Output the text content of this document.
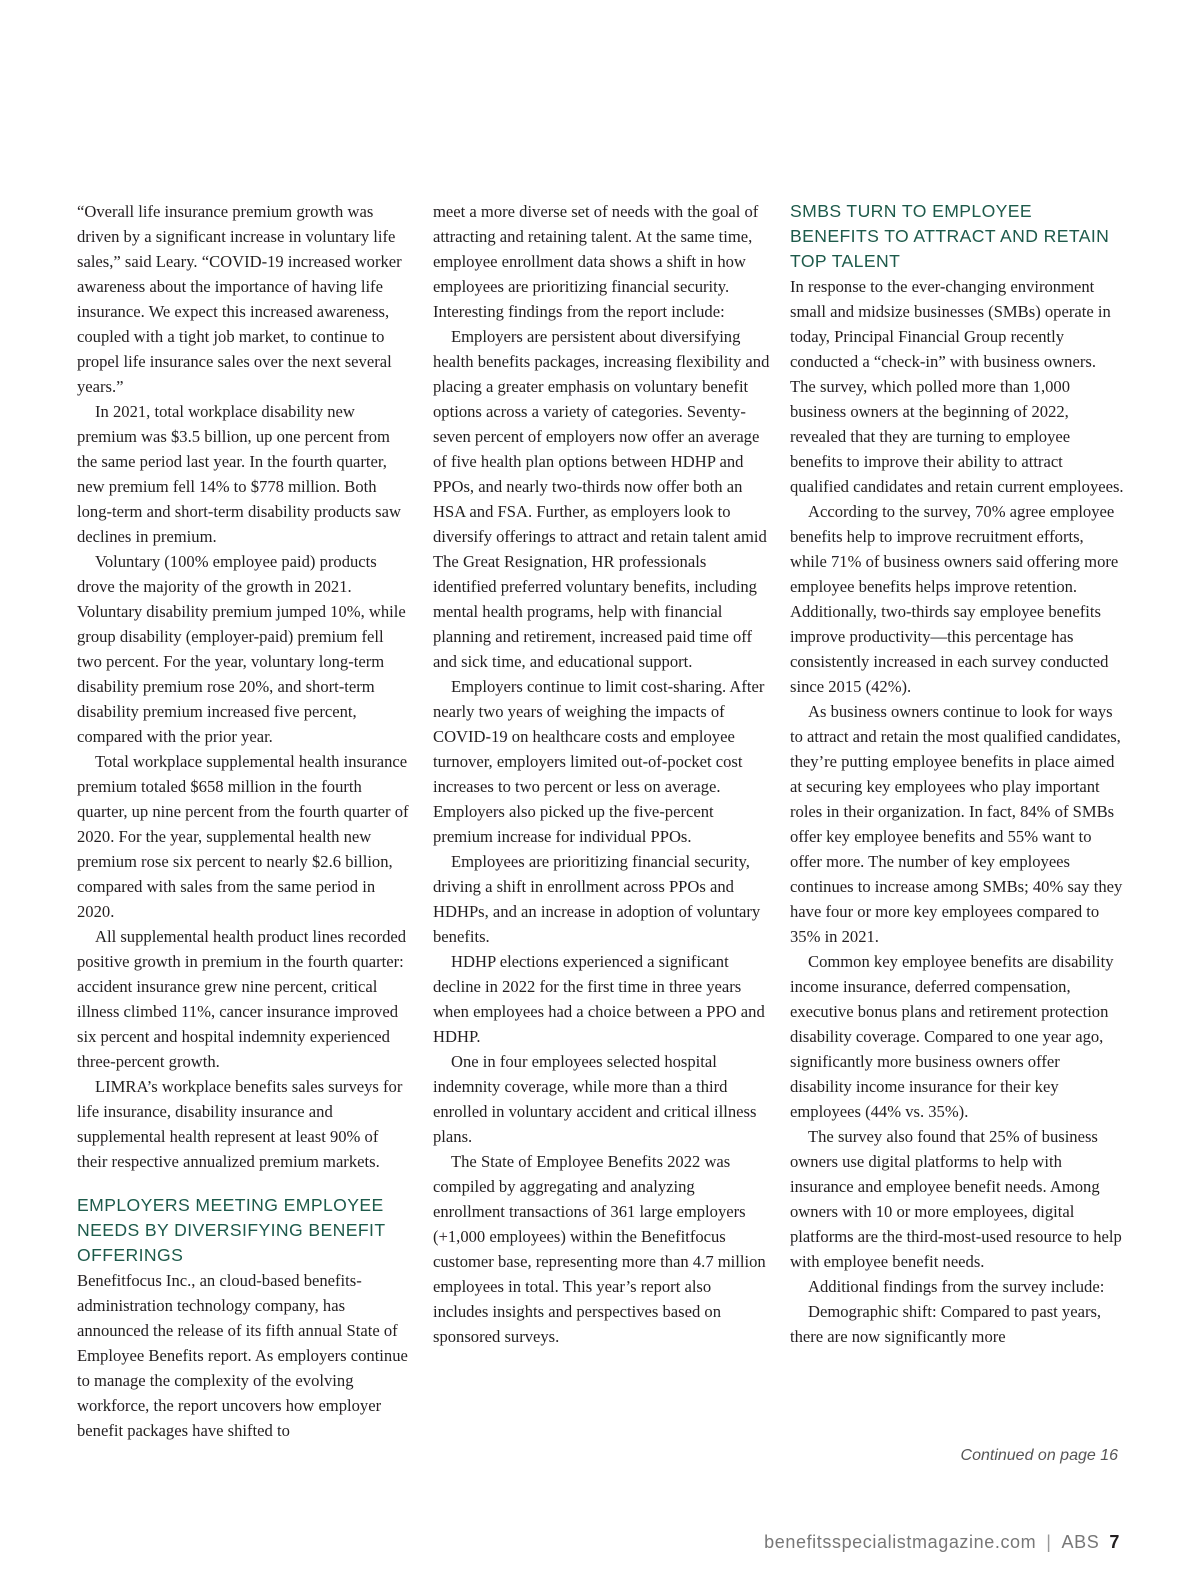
“Overall life insurance premium growth was driven by a significant increase in voluntary life sales,” said Leary. “COVID-19 increased worker awareness about the importance of having life insurance. We expect this increased awareness, coupled with a tight job market, to continue to propel life insurance sales over the next several years.”

In 2021, total workplace disability new premium was $3.5 billion, up one percent from the same period last year. In the fourth quarter, new premium fell 14% to $778 million. Both long-term and short-term disability products saw declines in premium.

Voluntary (100% employee paid) products drove the majority of the growth in 2021. Voluntary disability premium jumped 10%, while group disability (employer-paid) premium fell two percent. For the year, voluntary long-term disability premium rose 20%, and short-term disability premium increased five percent, compared with the prior year.

Total workplace supplemental health insurance premium totaled $658 million in the fourth quarter, up nine percent from the fourth quarter of 2020. For the year, supplemental health new premium rose six percent to nearly $2.6 billion, compared with sales from the same period in 2020.

All supplemental health product lines recorded positive growth in premium in the fourth quarter: accident insurance grew nine percent, critical illness climbed 11%, cancer insurance improved six percent and hospital indemnity experienced three-percent growth.

LIMRA’s workplace benefits sales surveys for life insurance, disability insurance and supplemental health represent at least 90% of their respective annualized premium markets.

EMPLOYERS MEETING EMPLOYEE NEEDS BY DIVERSIFYING BENEFIT OFFERINGS

Benefitfocus Inc., an cloud-based benefits-administration technology company, has announced the release of its fifth annual State of Employee Benefits report. As employers continue to manage the complexity of the evolving workforce, the report uncovers how employer benefit packages have shifted to

meet a more diverse set of needs with the goal of attracting and retaining talent. At the same time, employee enrollment data shows a shift in how employees are prioritizing financial security. Interesting findings from the report include:

Employers are persistent about diversifying health benefits packages, increasing flexibility and placing a greater emphasis on voluntary benefit options across a variety of categories. Seventy-seven percent of employers now offer an average of five health plan options between HDHP and PPOs, and nearly two-thirds now offer both an HSA and FSA. Further, as employers look to diversify offerings to attract and retain talent amid The Great Resignation, HR professionals identified preferred voluntary benefits, including mental health programs, help with financial planning and retirement, increased paid time off and sick time, and educational support.

Employers continue to limit cost-sharing. After nearly two years of weighing the impacts of COVID-19 on healthcare costs and employee turnover, employers limited out-of-pocket cost increases to two percent or less on average. Employers also picked up the five-percent premium increase for individual PPOs.

Employees are prioritizing financial security, driving a shift in enrollment across PPOs and HDHPs, and an increase in adoption of voluntary benefits.

HDHP elections experienced a significant decline in 2022 for the first time in three years when employees had a choice between a PPO and HDHP.

One in four employees selected hospital indemnity coverage, while more than a third enrolled in voluntary accident and critical illness plans.

The State of Employee Benefits 2022 was compiled by aggregating and analyzing enrollment transactions of 361 large employers (+1,000 employees) within the Benefitfocus customer base, representing more than 4.7 million employees in total. This year’s report also includes insights and perspectives based on sponsored surveys.

SMBS TURN TO EMPLOYEE BENEFITS TO ATTRACT AND RETAIN TOP TALENT

In response to the ever-changing environment small and midsize businesses (SMBs) operate in today, Principal Financial Group recently conducted a “check-in” with business owners. The survey, which polled more than 1,000 business owners at the beginning of 2022, revealed that they are turning to employee benefits to improve their ability to attract qualified candidates and retain current employees.

According to the survey, 70% agree employee benefits help to improve recruitment efforts, while 71% of business owners said offering more employee benefits helps improve retention. Additionally, two-thirds say employee benefits improve productivity—this percentage has consistently increased in each survey conducted since 2015 (42%).

As business owners continue to look for ways to attract and retain the most qualified candidates, they’re putting employee benefits in place aimed at securing key employees who play important roles in their organization. In fact, 84% of SMBs offer key employee benefits and 55% want to offer more. The number of key employees continues to increase among SMBs; 40% say they have four or more key employees compared to 35% in 2021.

Common key employee benefits are disability income insurance, deferred compensation, executive bonus plans and retirement protection disability coverage. Compared to one year ago, significantly more business owners offer disability income insurance for their key employees (44% vs. 35%).

The survey also found that 25% of business owners use digital platforms to help with insurance and employee benefit needs. Among owners with 10 or more employees, digital platforms are the third-most-used resource to help with employee benefit needs.

Additional findings from the survey include:

Demographic shift: Compared to past years, there are now significantly more

Continued on page 16
benefitsspecialistmagazine.com | ABS 7
